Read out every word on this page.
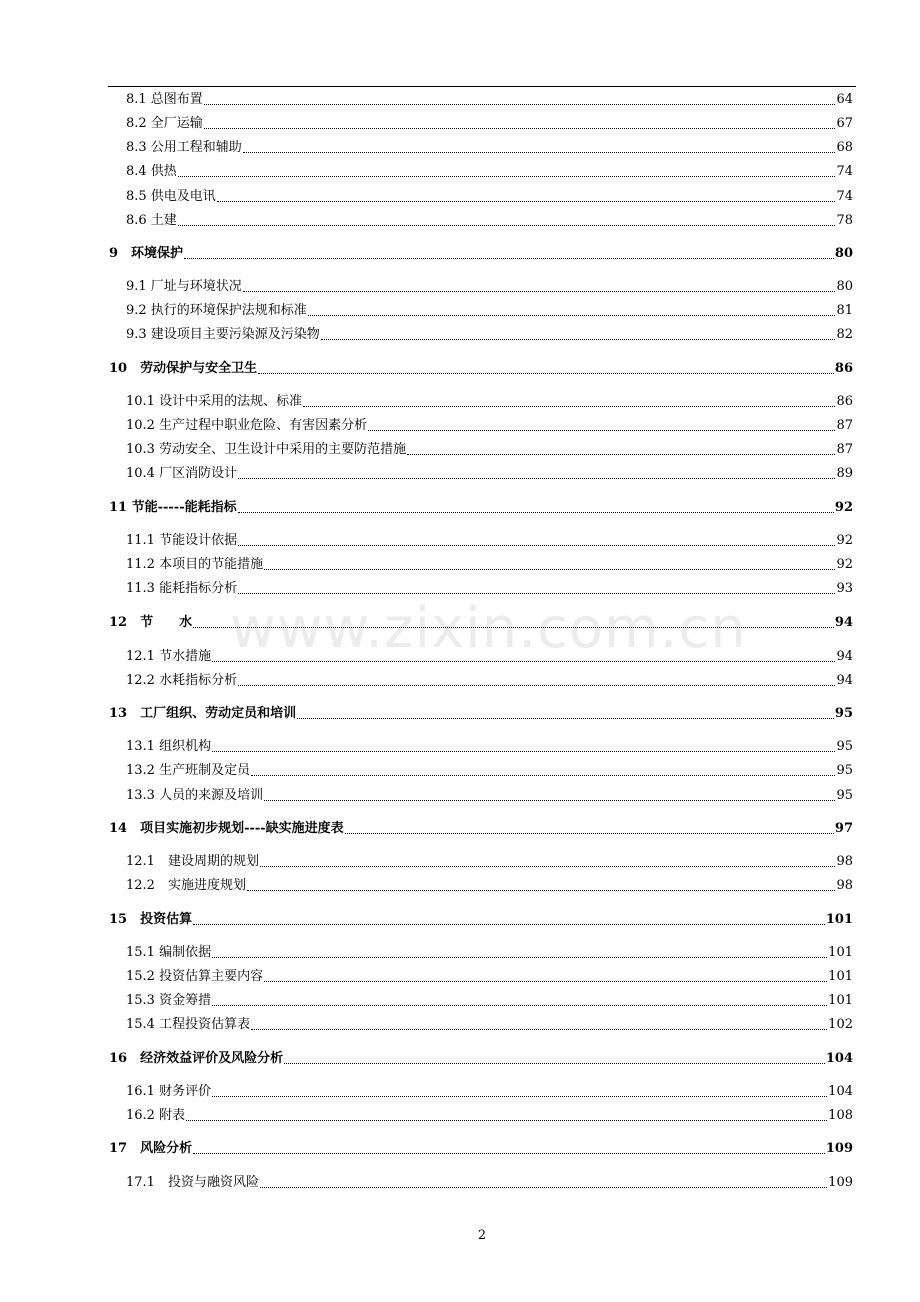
8.1 总图布置	64
8.2 全厂运输	67
8.3 公用工程和辅助	68
8.4 供热	74
8.5 供电及电讯	74
8.6 土建	78
9　环境保护	80
9.1 厂址与环境状况	80
9.2 执行的环境保护法规和标准	81
9.3 建设项目主要污染源及污染物	82
10　劳动保护与安全卫生	86
10.1 设计中采用的法规、标准	86
10.2 生产过程中职业危险、有害因素分析	87
10.3 劳动安全、卫生设计中采用的主要防范措施	87
10.4 厂区消防设计	89
11 节能-----能耗指标	92
11.1 节能设计依据	92
11.2 本项目的节能措施	92
11.3 能耗指标分析	93
12　节　　水	94
12.1 节水措施	94
12.2 水耗指标分析	94
13　工厂组织、劳动定员和培训	95
13.1 组织机构	95
13.2 生产班制及定员	95
13.3 人员的来源及培训	95
14　项目实施初步规划----缺实施进度表	97
12.1　建设周期的规划	98
12.2　实施进度规划	98
15　投资估算	101
15.1 编制依据	101
15.2 投资估算主要内容	101
15.3 资金筹措	101
15.4 工程投资估算表	102
16　经济效益评价及风险分析	104
16.1 财务评价	104
16.2 附表	108
17　风险分析	109
17.1　投资与融资风险	109
www.zixin.com.cn
2
